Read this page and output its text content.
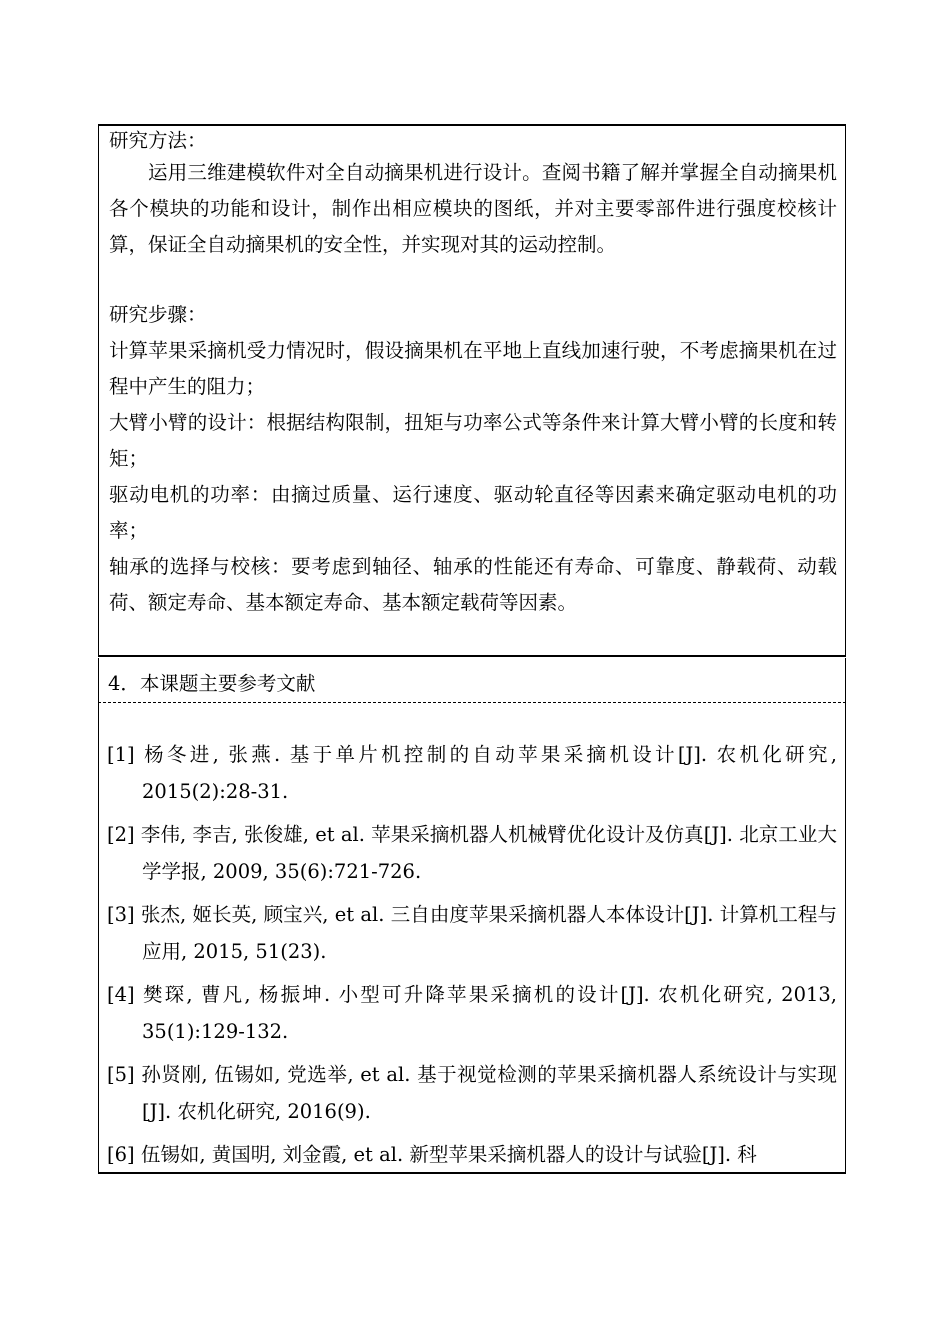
研究方法：
运用三维建模软件对全自动摘果机进行设计。查阅书籍了解并掌握全自动摘果机各个模块的功能和设计，制作出相应模块的图纸，并对主要零部件进行强度校核计算，保证全自动摘果机的安全性，并实现对其的运动控制。
研究步骤：
计算苹果采摘机受力情况时，假设摘果机在平地上直线加速行驶，不考虑摘果机在过程中产生的阻力；
大臂小臂的设计：根据结构限制，扭矩与功率公式等条件来计算大臂小臂的长度和转矩；
驱动电机的功率：由摘过质量、运行速度、驱动轮直径等因素来确定驱动电机的功率；
轴承的选择与校核：要考虑到轴径、轴承的性能还有寿命、可靠度、静载荷、动载荷、额定寿命、基本额定寿命、基本额定载荷等因素。
4．本课题主要参考文献
[1] 杨冬进, 张燕. 基于单片机控制的自动苹果采摘机设计[J]. 农机化研究, 2015(2):28-31.
[2] 李伟, 李吉, 张俊雄, et al. 苹果采摘机器人机械臂优化设计及仿真[J]. 北京工业大学学报, 2009, 35(6):721-726.
[3] 张杰, 姬长英, 顾宝兴, et al. 三自由度苹果采摘机器人本体设计[J]. 计算机工程与应用, 2015, 51(23).
[4] 樊琛, 曹凡, 杨振坤. 小型可升降苹果采摘机的设计[J]. 农机化研究, 2013, 35(1):129-132.
[5] 孙贤刚, 伍锡如, 党选举, et al. 基于视觉检测的苹果采摘机器人系统设计与实现[J]. 农机化研究, 2016(9).
[6] 伍锡如, 黄国明, 刘金霞, et al. 新型苹果采摘机器人的设计与试验[J]. 科
